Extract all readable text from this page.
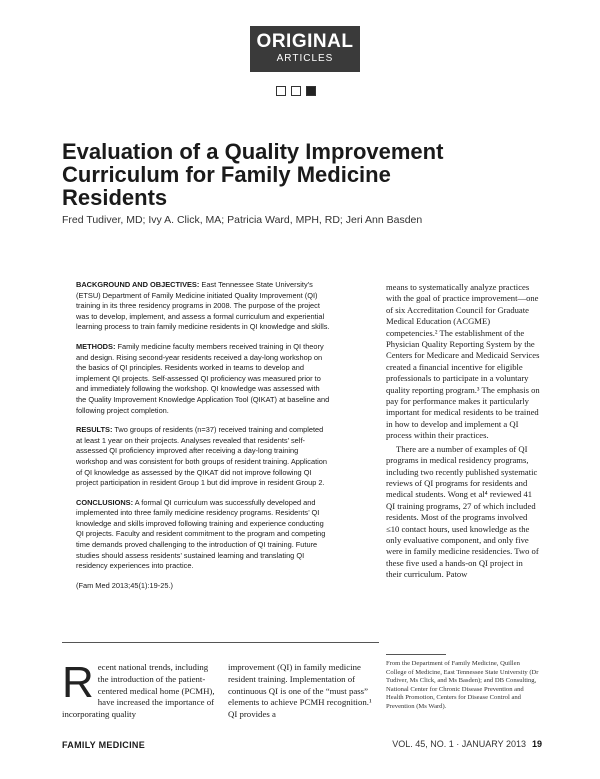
ORIGINAL
ARTICLES
Evaluation of a Quality Improvement Curriculum for Family Medicine Residents
Fred Tudiver, MD; Ivy A. Click, MA; Patricia Ward, MPH, RD; Jeri Ann Basden

BACKGROUND AND OBJECTIVES: East Tennessee State University’s (ETSU) Department of Family Medicine initiated Quality Improvement (QI) training in its three residency programs in 2008. The purpose of the project was to develop, implement, and assess a formal curriculum and experiential learning process to train family medicine residents in QI knowledge and skills.

METHODS: Family medicine faculty members received training in QI theory and design. Rising second-year residents received a day-long workshop on the basics of QI principles. Residents worked in teams to develop and implement QI projects. Self-assessed QI proficiency was measured prior to and immediately following the workshop. QI knowledge was assessed with the Quality Improvement Knowledge Application Tool (QIKAT) at baseline and following project completion.

RESULTS: Two groups of residents (n=37) received training and completed at least 1 year on their projects. Analyses revealed that residents’ self-assessed QI proficiency improved after receiving a day-long training workshop and was consistent for both groups of resident training. Application of QI knowledge as assessed by the QIKAT did not improve following QI project participation in resident Group 1 but did improve in resident Group 2.

CONCLUSIONS: A formal QI curriculum was successfully developed and implemented into three family medicine residency programs. Residents’ QI knowledge and skills improved following training and experience conducting QI projects. Faculty and resident commitment to the program and competing time demands proved challenging to the introduction of QI training. Future studies should assess residents’ sustained learning and translating QI residency experiences into practice.

(Fam Med 2013;45(1):19-25.)

means to systematically analyze practices with the goal of practice improvement—one of six Accreditation Council for Graduate Medical Education (ACGME) competencies.² The establishment of the Physician Quality Reporting System by the Centers for Medicare and Medicaid Services created a financial incentive for eligible professionals to participate in a voluntary quality reporting program.³ The emphasis on pay for performance makes it particularly important for medical residents to be trained in how to develop and implement a QI process within their practices.

There are a number of examples of QI programs in medical residency programs, including two recently published systematic reviews of QI programs for residents and medical students. Wong et al⁴ reviewed 41 QI training programs, 27 of which included residents. Most of the programs involved ≤10 contact hours, used knowledge as the only evaluative component, and only five were in family medicine residencies. Two of these five used a hands-on QI project in their curriculum. Patow

Recent national trends, including the introduction of the patient-centered medical home (PCMH), have increased the importance of incorporating quality
improvement (QI) in family medicine resident training. Implementation of continuous QI is one of the “must pass” elements to achieve PCMH recognition.¹ QI provides a
From the Department of Family Medicine, Quillen College of Medicine, East Tennessee State University (Dr Tudiver, Ms Click, and Ms Basden); and DB Consulting, National Center for Chronic Disease Prevention and Health Promotion, Centers for Disease Control and Prevention (Ms Ward).
FAMILY MEDICINE	VOL. 45, NO. 1 · JANUARY 2013 19
